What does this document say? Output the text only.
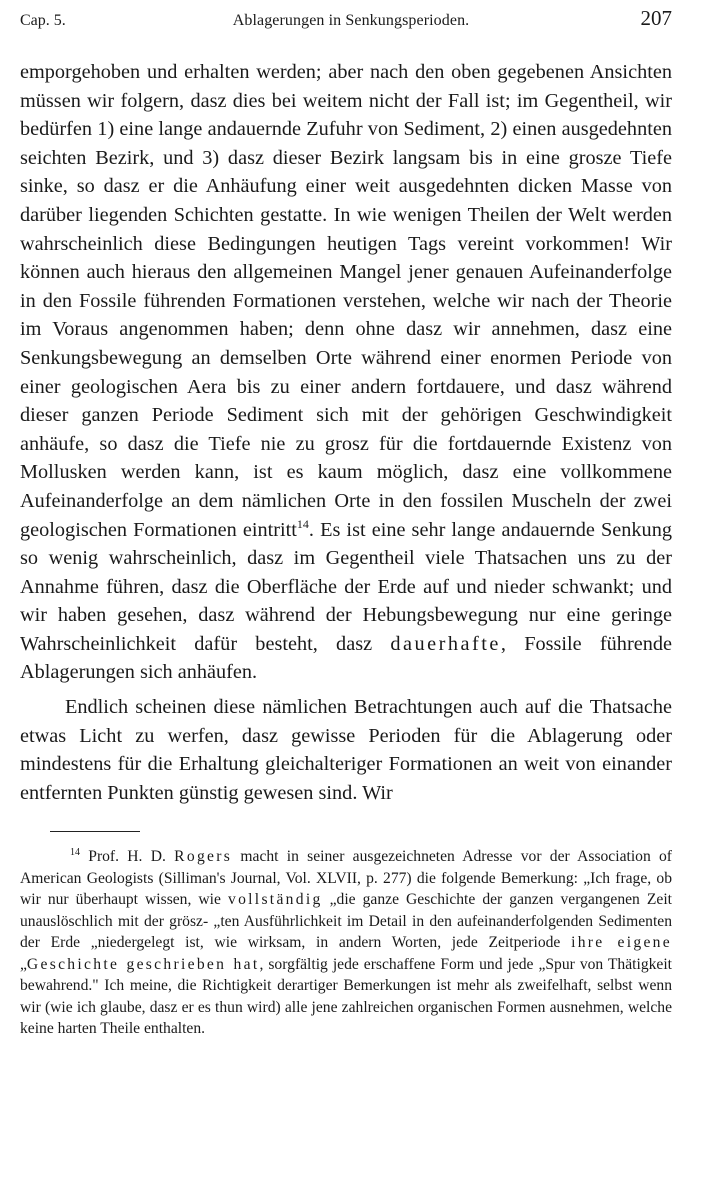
Cap. 5.	Ablagerungen in Senkungsperioden.	207

emporgehoben und erhalten werden; aber nach den oben gegebenen Ansichten müssen wir folgern, dasz dies bei weitem nicht der Fall ist; im Gegentheil, wir bedürfen 1) eine lange andauernde Zufuhr von Sediment, 2) einen ausgedehnten seichten Bezirk, und 3) dasz dieser Bezirk langsam bis in eine grosze Tiefe sinke, so dasz er die Anhäufung einer weit ausgedehnten dicken Masse von darüber liegenden Schichten gestatte. In wie wenigen Theilen der Welt werden wahrscheinlich diese Bedingungen heutigen Tags vereint vorkommen! Wir können auch hieraus den allgemeinen Mangel jener genauen Aufeinanderfolge in den Fossile führenden Formationen verstehen, welche wir nach der Theorie im Voraus angenommen haben; denn ohne dasz wir annehmen, dasz eine Senkungsbewegung an demselben Orte während einer enormen Periode von einer geologischen Aera bis zu einer andern fortdauere, und dasz während dieser ganzen Periode Sediment sich mit der gehörigen Geschwindigkeit anhäufe, so dasz die Tiefe nie zu grosz für die fortdauernde Existenz von Mollusken werden kann, ist es kaum möglich, dasz eine vollkommene Aufeinanderfolge an dem nämlichen Orte in den fossilen Muscheln der zwei geologischen Formationen eintritt$^{14}$. Es ist eine sehr lange andauernde Senkung so wenig wahrscheinlich, dasz im Gegentheil viele Thatsachen uns zu der Annahme führen, dasz die Oberfläche der Erde auf und nieder schwankt; und wir haben gesehen, dasz während der Hebungsbewegung nur eine geringe Wahrscheinlichkeit dafür besteht, dasz dauerhafte, Fossile führende Ablagerungen sich anhäufen.

Endlich scheinen diese nämlichen Betrachtungen auch auf die Thatsache etwas Licht zu werfen, dasz gewisse Perioden für die Ablagerung oder mindestens für die Erhaltung gleichalteriger Formationen an weit von einander entfernten Punkten günstig gewesen sind. Wir

$^{14}$ Prof. H. D. Rogers macht in seiner ausgezeichneten Adresse vor der Association of American Geologists (Silliman's Journal, Vol. XLVII, p. 277) die folgende Bemerkung: „Ich frage, ob wir nur überhaupt wissen, wie vollständig „die ganze Geschichte der ganzen vergangenen Zeit unauslöschlich mit der grösz- „ten Ausführlichkeit im Detail in den aufeinanderfolgenden Sedimenten der Erde „niedergelegt ist, wie wirksam, in andern Worten, jede Zeitperiode ihre eigene „Geschichte geschrieben hat, sorgfältig jede erschaffene Form und jede „Spur von Thätigkeit bewahrend." Ich meine, die Richtigkeit derartiger Bemerkungen ist mehr als zweifelhaft, selbst wenn wir (wie ich glaube, dasz er es thun wird) alle jene zahlreichen organischen Formen ausnehmen, welche keine harten Theile enthalten.
